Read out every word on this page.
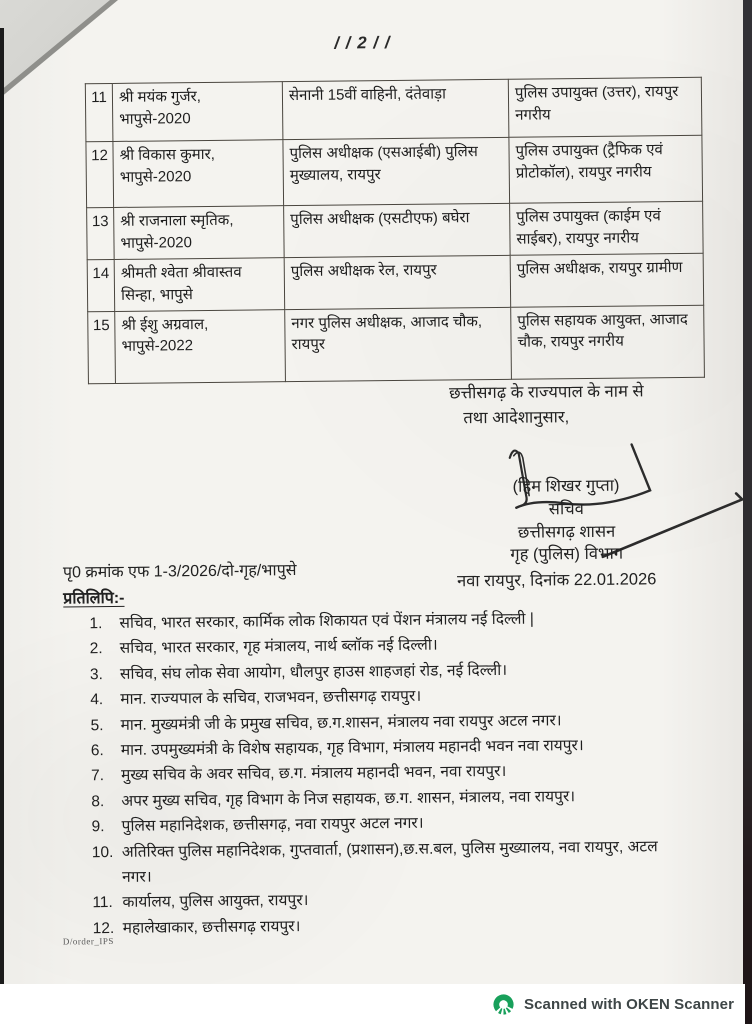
/ / 2 / /
11	श्री मयंक गुर्जर, भापुसे-2020	सेनानी 15वीं वाहिनी, दंतेवाड़ा	पुलिस उपायुक्त (उत्तर), रायपुर नगरीय
12	श्री विकास कुमार, भापुसे-2020	पुलिस अधीक्षक (एसआईबी) पुलिस मुख्यालय, रायपुर	पुलिस उपायुक्त (ट्रैफिक एवं प्रोटोकॉल), रायपुर नगरीय
13	श्री राजनाला स्मृतिक, भापुसे-2020	पुलिस अधीक्षक (एसटीएफ) बघेरा	पुलिस उपायुक्त (काईम एवं साईबर), रायपुर नगरीय
14	श्रीमती श्वेता श्रीवास्तव सिन्हा, भापुसे	पुलिस अधीक्षक रेल, रायपुर	पुलिस अधीक्षक, रायपुर ग्रामीण
15	श्री ईशु अग्रवाल, भापुसे-2022	नगर पुलिस अधीक्षक, आजाद चौक, रायपुर	पुलिस सहायक आयुक्त, आजाद चौक, रायपुर नगरीय
छत्तीसगढ़ के राज्यपाल के नाम से
तथा आदेशानुसार,
(हिम शिखर गुप्ता)
सचिव
छत्तीसगढ़ शासन
गृह (पुलिस) विभाग
नवा रायपुर, दिनांक 22.01.2026
पृ0 क्रमांक एफ 1-3/2026/दो-गृह/भापुसे
प्रतिलिपि:-
1.	सचिव, भारत सरकार, कार्मिक लोक शिकायत एवं पेंशन मंत्रालय नई दिल्ली |
2.	सचिव, भारत सरकार, गृह मंत्रालय, नार्थ ब्लॉक नई दिल्ली।
3.	सचिव, संघ लोक सेवा आयोग, धौलपुर हाउस शाहजहां रोड, नई दिल्ली।
4.	मान. राज्यपाल के सचिव, राजभवन, छत्तीसगढ़ रायपुर।
5.	मान. मुख्यमंत्री जी के प्रमुख सचिव, छ.ग.शासन, मंत्रालय नवा रायपुर अटल नगर।
6.	मान. उपमुख्यमंत्री के विशेष सहायक, गृह विभाग, मंत्रालय महानदी भवन नवा रायपुर।
7.	मुख्य सचिव के अवर सचिव, छ.ग. मंत्रालय महानदी भवन, नवा रायपुर।
8.	अपर मुख्य सचिव, गृह विभाग के निज सहायक, छ.ग. शासन, मंत्रालय, नवा रायपुर।
9.	पुलिस महानिदेशक, छत्तीसगढ़, नवा रायपुर अटल नगर।
10. अतिरिक्त पुलिस महानिदेशक, गुप्तवार्ता, (प्रशासन),छ.स.बल, पुलिस मुख्यालय, नवा रायपुर, अटल नगर।
11. कार्यालय, पुलिस आयुक्त, रायपुर।
12. महालेखाकार, छत्तीसगढ़ रायपुर।
D/order_IPS
Scanned with OKEN Scanner
